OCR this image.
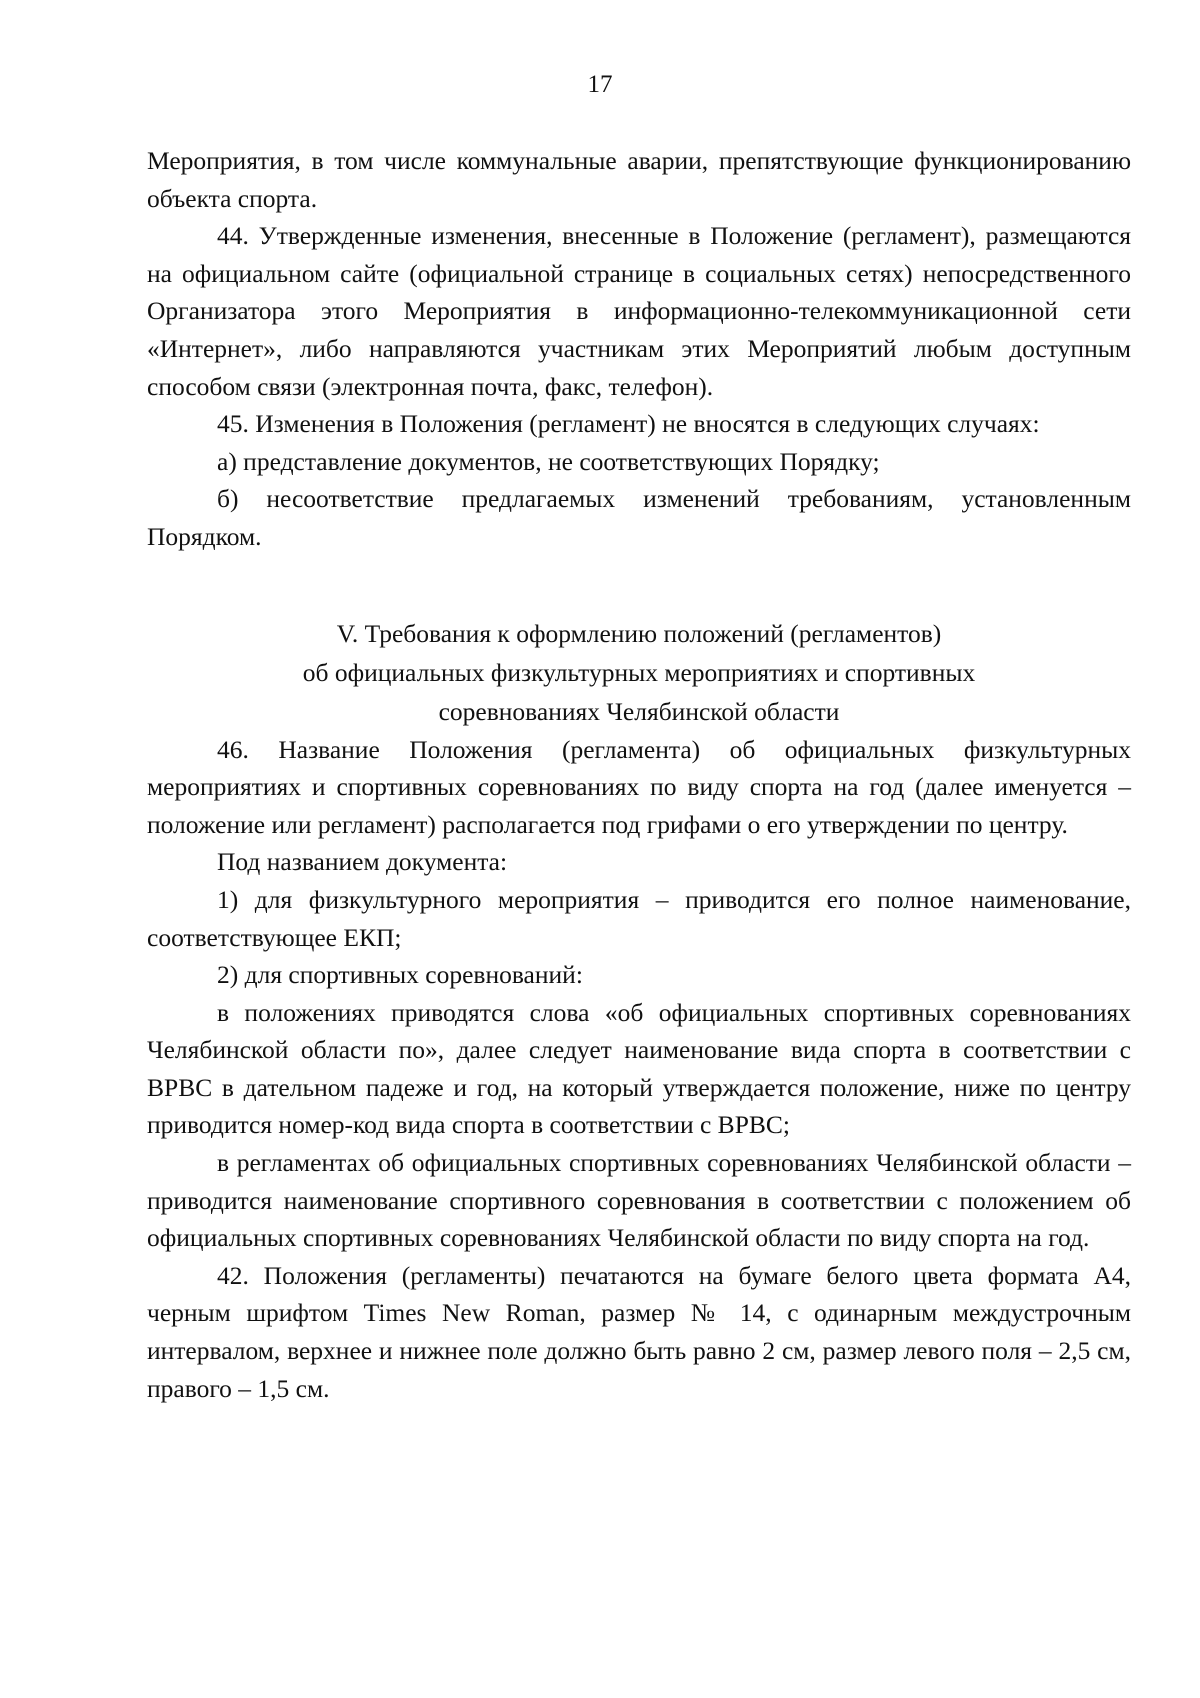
17

Мероприятия, в том числе коммунальные аварии, препятствующие функционированию объекта спорта.

44. Утвержденные изменения, внесенные в Положение (регламент), размещаются на официальном сайте (официальной странице в социальных сетях) непосредственного Организатора этого Мероприятия в информационно-телекоммуникационной сети «Интернет», либо направляются участникам этих Мероприятий любым доступным способом связи (электронная почта, факс, телефон).

45. Изменения в Положения (регламент) не вносятся в следующих случаях:

а) представление документов, не соответствующих Порядку;

б) несоответствие предлагаемых изменений требованиям, установленным Порядком.

V. Требования к оформлению положений (регламентов)
об официальных физкультурных мероприятиях и спортивных
соревнованиях Челябинской области

46. Название Положения (регламента) об официальных физкультурных мероприятиях и спортивных соревнованиях по виду спорта на год (далее именуется – положение или регламент) располагается под грифами о его утверждении по центру.

Под названием документа:

1) для физкультурного мероприятия – приводится его полное наименование, соответствующее ЕКП;

2) для спортивных соревнований:

в положениях приводятся слова «об официальных спортивных соревнованиях Челябинской области по», далее следует наименование вида спорта в соответствии с ВРВС в дательном падеже и год, на который утверждается положение, ниже по центру приводится номер-код вида спорта в соответствии с ВРВС;

в регламентах об официальных спортивных соревнованиях Челябинской области – приводится наименование спортивного соревнования в соответствии с положением об официальных спортивных соревнованиях Челябинской области по виду спорта на год.

42. Положения (регламенты) печатаются на бумаге белого цвета формата А4, черным шрифтом Times New Roman, размер № 14, с одинарным междустрочным интервалом, верхнее и нижнее поле должно быть равно 2 см, размер левого поля – 2,5 см, правого – 1,5 см.
